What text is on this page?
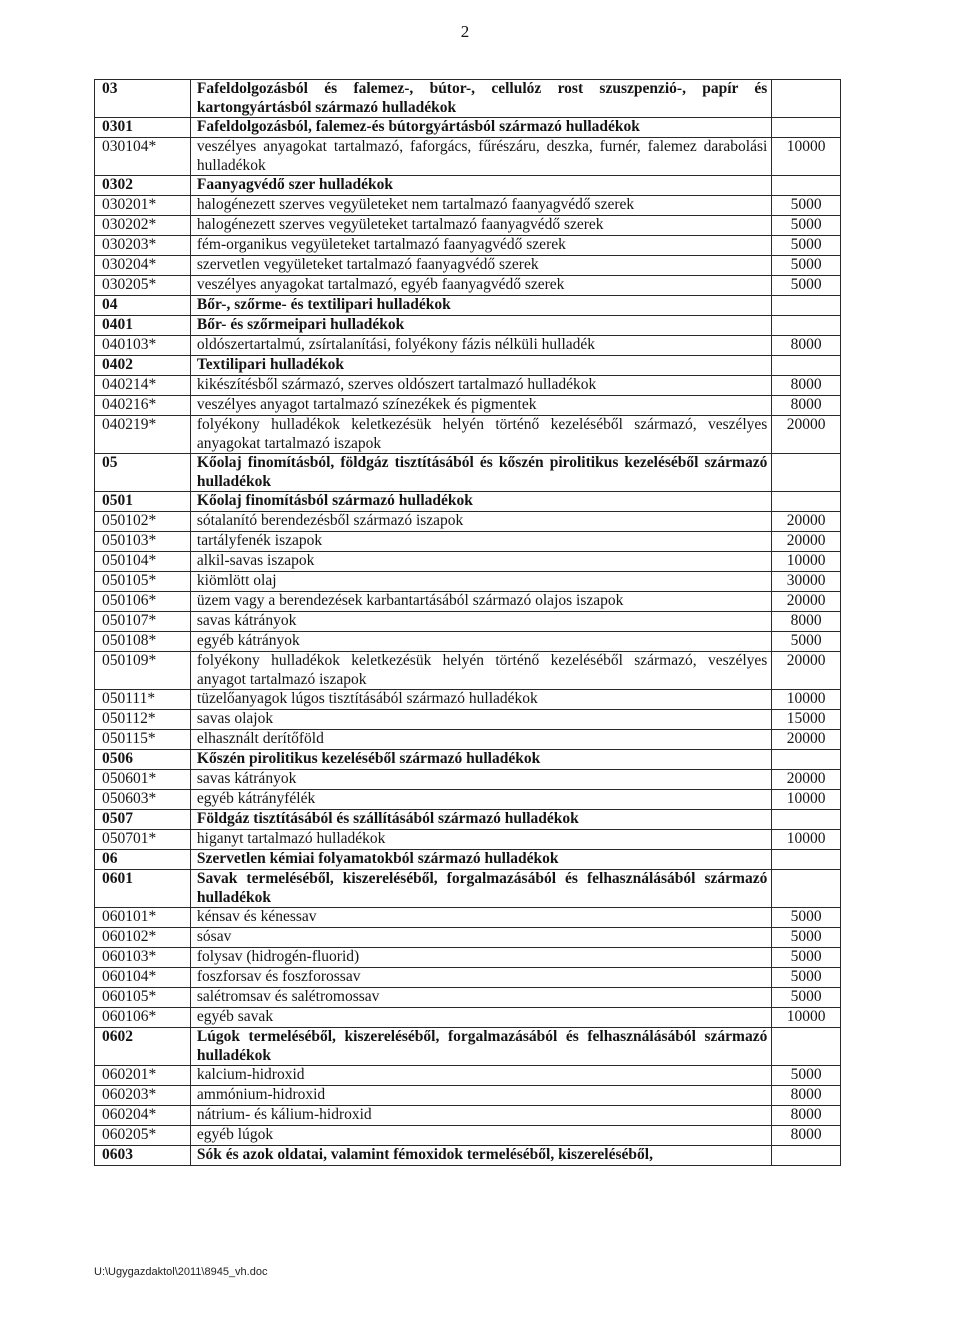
2
03	Fafeldolgozásból és falemez-, bútor-, cellulóz rost szuszpenzió-, papír és kartongyártásból származó hulladékok	
0301	Fafeldolgozásból, falemez-és bútorgyártásból származó hulladékok	
030104*	veszélyes anyagokat tartalmazó, faforgács, fűrészáru, deszka, furnér, falemez darabolási hulladékok	10000
0302	Faanyagvédő szer hulladékok	
030201*	halogénezett szerves vegyületeket nem tartalmazó faanyagvédő szerek	5000
030202*	halogénezett szerves vegyületeket tartalmazó faanyagvédő szerek	5000
030203*	fém-organikus vegyületeket tartalmazó faanyagvédő szerek	5000
030204*	szervetlen vegyületeket tartalmazó faanyagvédő szerek	5000
030205*	veszélyes anyagokat tartalmazó, egyéb faanyagvédő szerek	5000
04	Bőr-, szőrme- és textilipari hulladékok	
0401	Bőr- és szőrmeipari hulladékok	
040103*	oldószertartalmú, zsírtalanítási, folyékony fázis nélküli hulladék	8000
0402	Textilipari hulladékok	
040214*	kikészítésből származó, szerves oldószert tartalmazó hulladékok	8000
040216*	veszélyes anyagot tartalmazó színezékek és pigmentek	8000
040219*	folyékony hulladékok keletkezésük helyén történő kezeléséből származó, veszélyes anyagokat tartalmazó iszapok	20000
05	Kőolaj finomításból, földgáz tisztításából és kőszén pirolitikus kezeléséből származó hulladékok	
0501	Kőolaj finomításból származó hulladékok	
050102*	sótalanító berendezésből származó iszapok	20000
050103*	tartályfenék iszapok	20000
050104*	alkil-savas iszapok	10000
050105*	kiömlött olaj	30000
050106*	üzem vagy a berendezések karbantartásából származó olajos iszapok	20000
050107*	savas kátrányok	8000
050108*	egyéb kátrányok	5000
050109*	folyékony hulladékok keletkezésük helyén történő kezeléséből származó, veszélyes anyagot tartalmazó iszapok	20000
050111*	tüzelőanyagok lúgos tisztításából származó hulladékok	10000
050112*	savas olajok	15000
050115*	elhasznált derítőföld	20000
0506	Kőszén pirolitikus kezeléséből származó hulladékok	
050601*	savas kátrányok	20000
050603*	egyéb kátrányfélék	10000
0507	Földgáz tisztításából és szállításából származó hulladékok	
050701*	higanyt tartalmazó hulladékok	10000
06	Szervetlen kémiai folyamatokból származó hulladékok	
0601	Savak termeléséből, kiszereléséből, forgalmazásából és felhasználásából származó hulladékok	
060101*	kénsav és kénessav	5000
060102*	sósav	5000
060103*	folysav (hidrogén-fluorid)	5000
060104*	foszforsav és foszforossav	5000
060105*	salétromsav és salétromossav	5000
060106*	egyéb savak	10000
0602	Lúgok termeléséből, kiszereléséből, forgalmazásából és felhasználásából származó hulladékok	
060201*	kalcium-hidroxid	5000
060203*	ammónium-hidroxid	8000
060204*	nátrium- és kálium-hidroxid	8000
060205*	egyéb lúgok	8000
0603	Sók és azok oldatai, valamint fémoxidok termeléséből, kiszereléséből,	
U:\Ugygazdaktol\2011\8945_vh.doc
